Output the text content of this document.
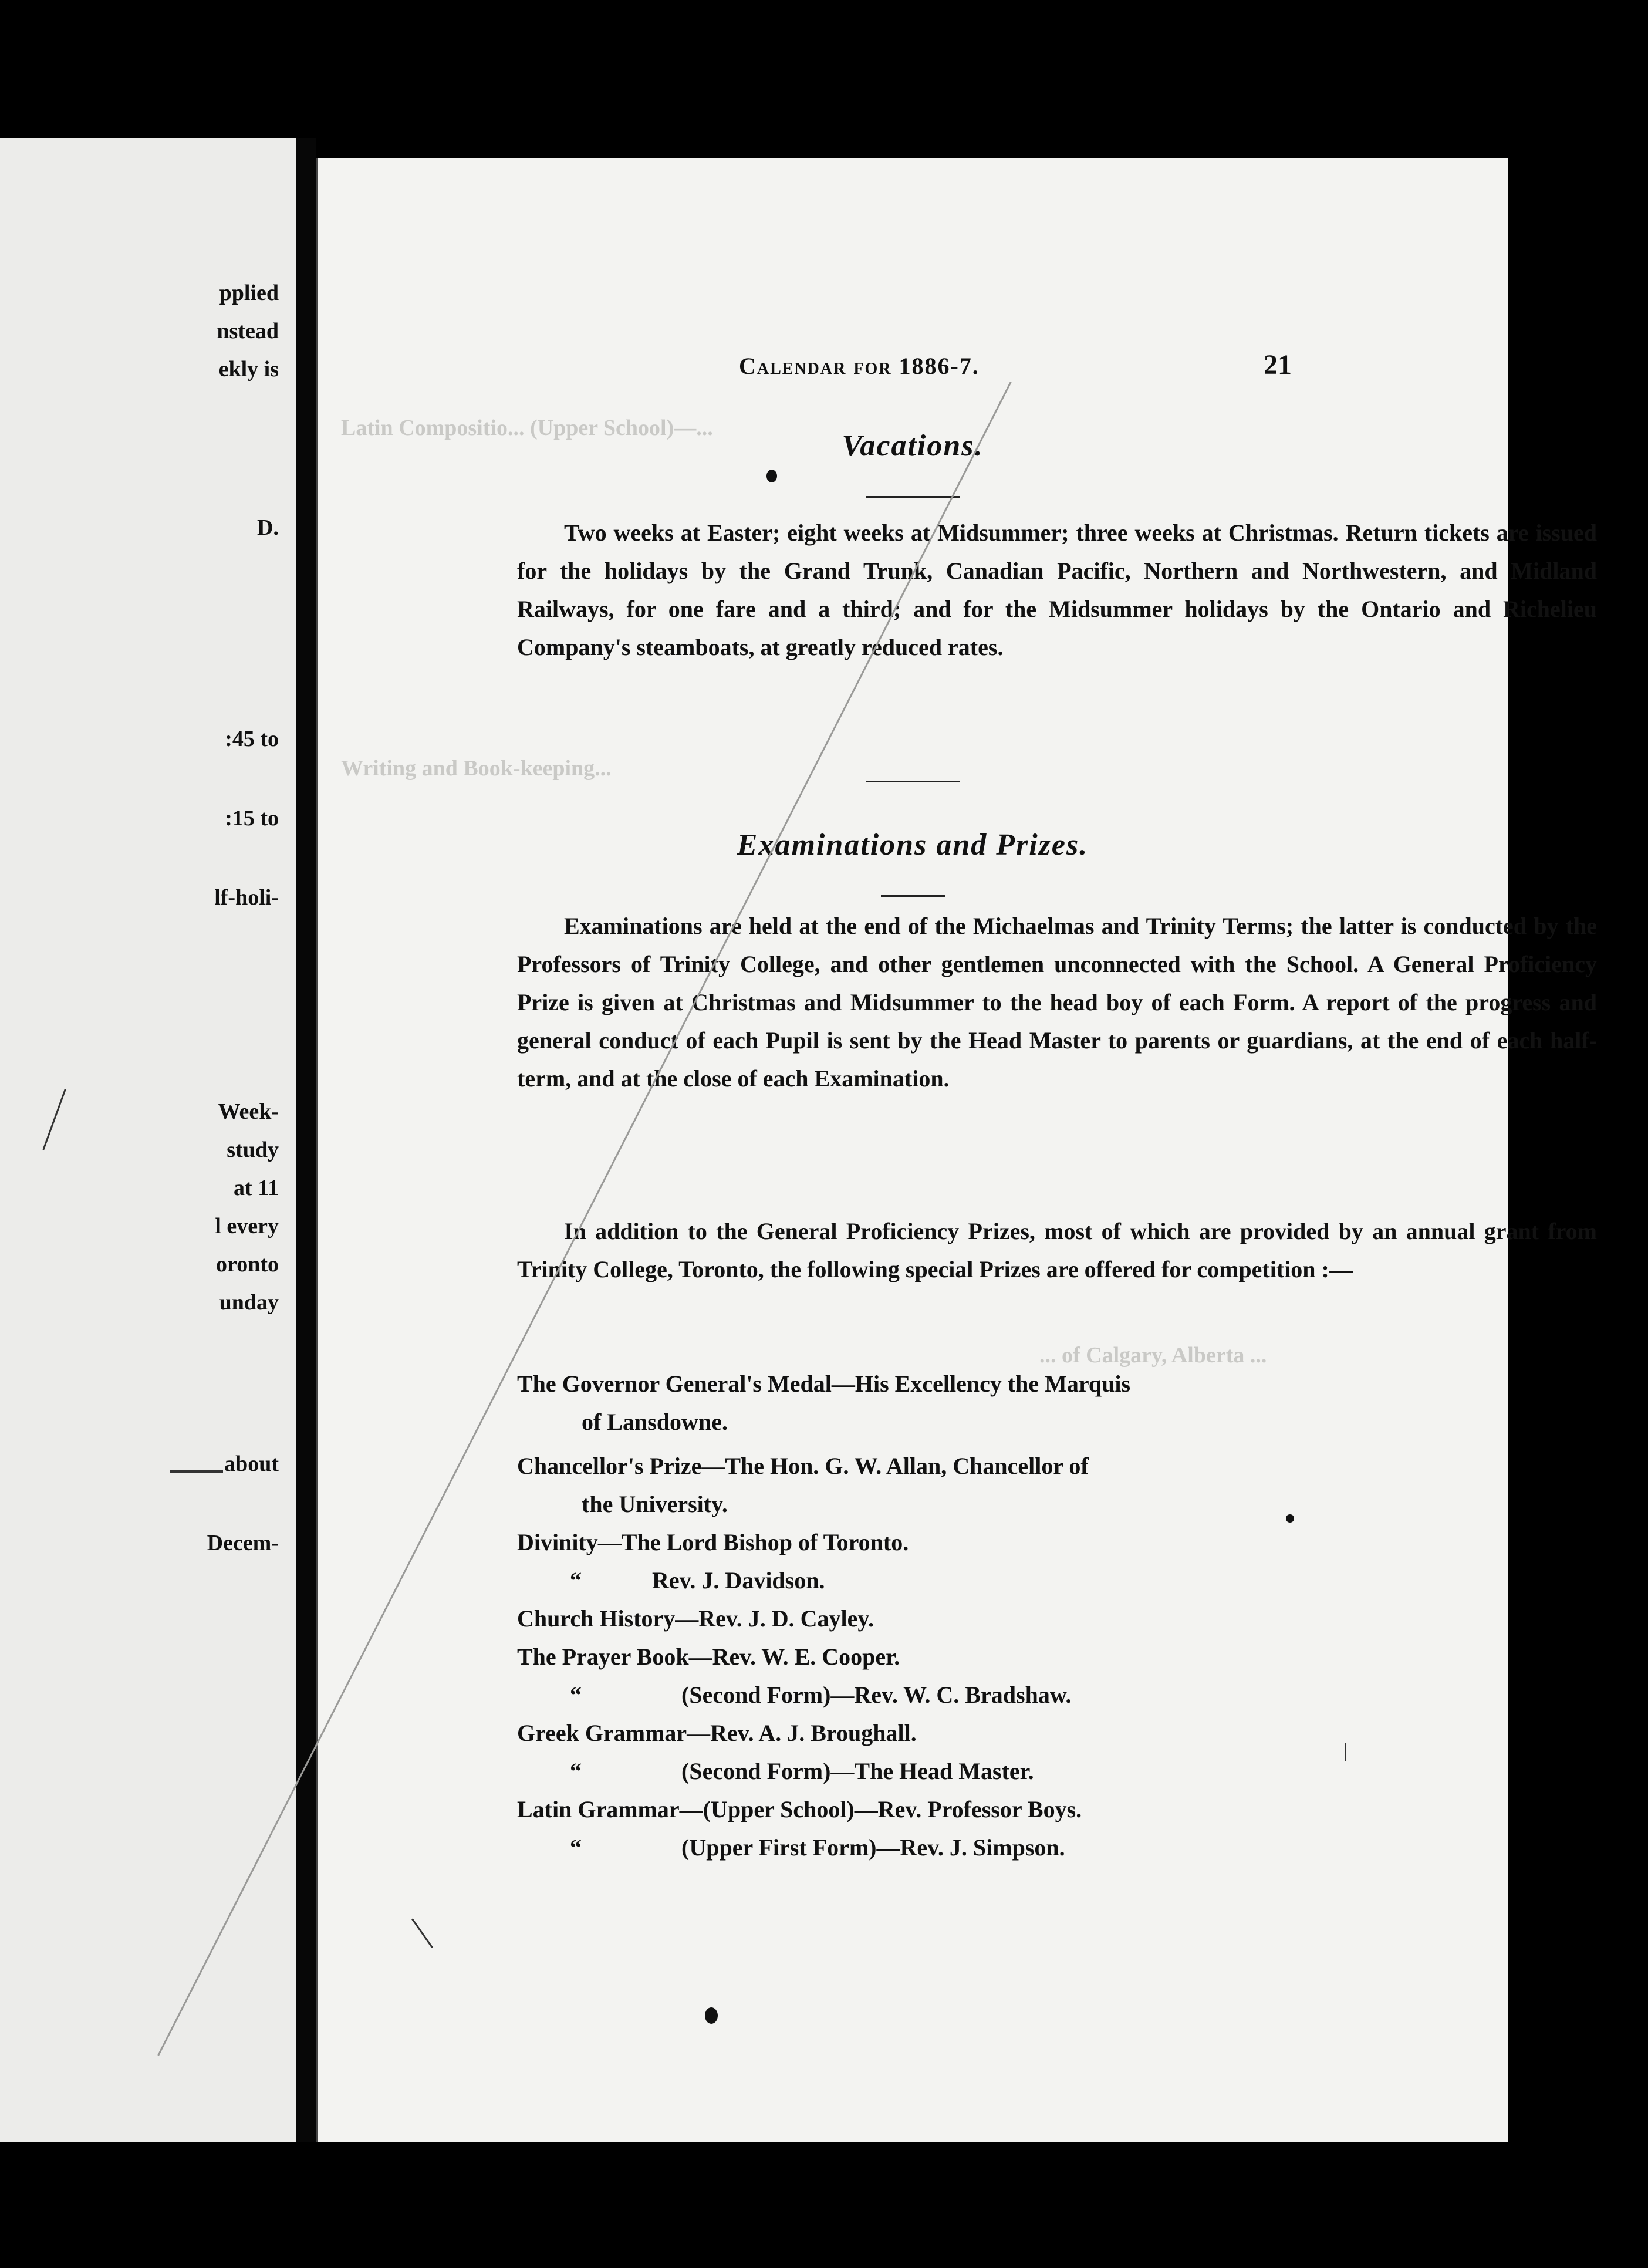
pplied
nstead
ekly is
D.
:45 to
:15 to
lf-holi-
Week-
study
at 11
l every
oronto
unday
about
Decem-
Latin Compositio... (Upper School)—...
Writing and Book-keeping...
... of Calgary, Alberta ...
Calendar for 1886-7.	21
Vacations.

Two weeks at Easter; eight weeks at Midsummer; three weeks at Christmas. Return tickets are issued for the holidays by the Grand Trunk, Canadian Pacific, Northern and Northwestern, and Midland Railways, for one fare and a third; and for the Midsummer holidays by the Ontario and Richelieu Company's steamboats, at greatly reduced rates.

Examinations and Prizes.

Examinations are held at the end of the Michaelmas and Trinity Terms; the latter is conducted by the Professors of Trinity College, and other gentlemen unconnected with the School. A General Proficiency Prize is given at Christmas and Midsummer to the head boy of each Form. A report of the progress and general conduct of each Pupil is sent by the Head Master to parents or guardians, at the end of each half-term, and at the close of each Examination.

In addition to the General Proficiency Prizes, most of which are provided by an annual grant from Trinity College, Toronto, the following special Prizes are offered for competition :—

The Governor General's Medal—His Excellency the Marquis
of Lansdowne.
Chancellor's Prize—The Hon. G. W. Allan, Chancellor of
the University.
Divinity—The Lord Bishop of Toronto.
“	Rev. J. Davidson.
Church History—Rev. J. D. Cayley.
The Prayer Book—Rev. W. E. Cooper.
“	(Second Form)—Rev. W. C. Bradshaw.
Greek Grammar—Rev. A. J. Broughall.
“	(Second Form)—The Head Master.
Latin Grammar—(Upper School)—Rev. Professor Boys.
“	(Upper First Form)—Rev. J. Simpson.
